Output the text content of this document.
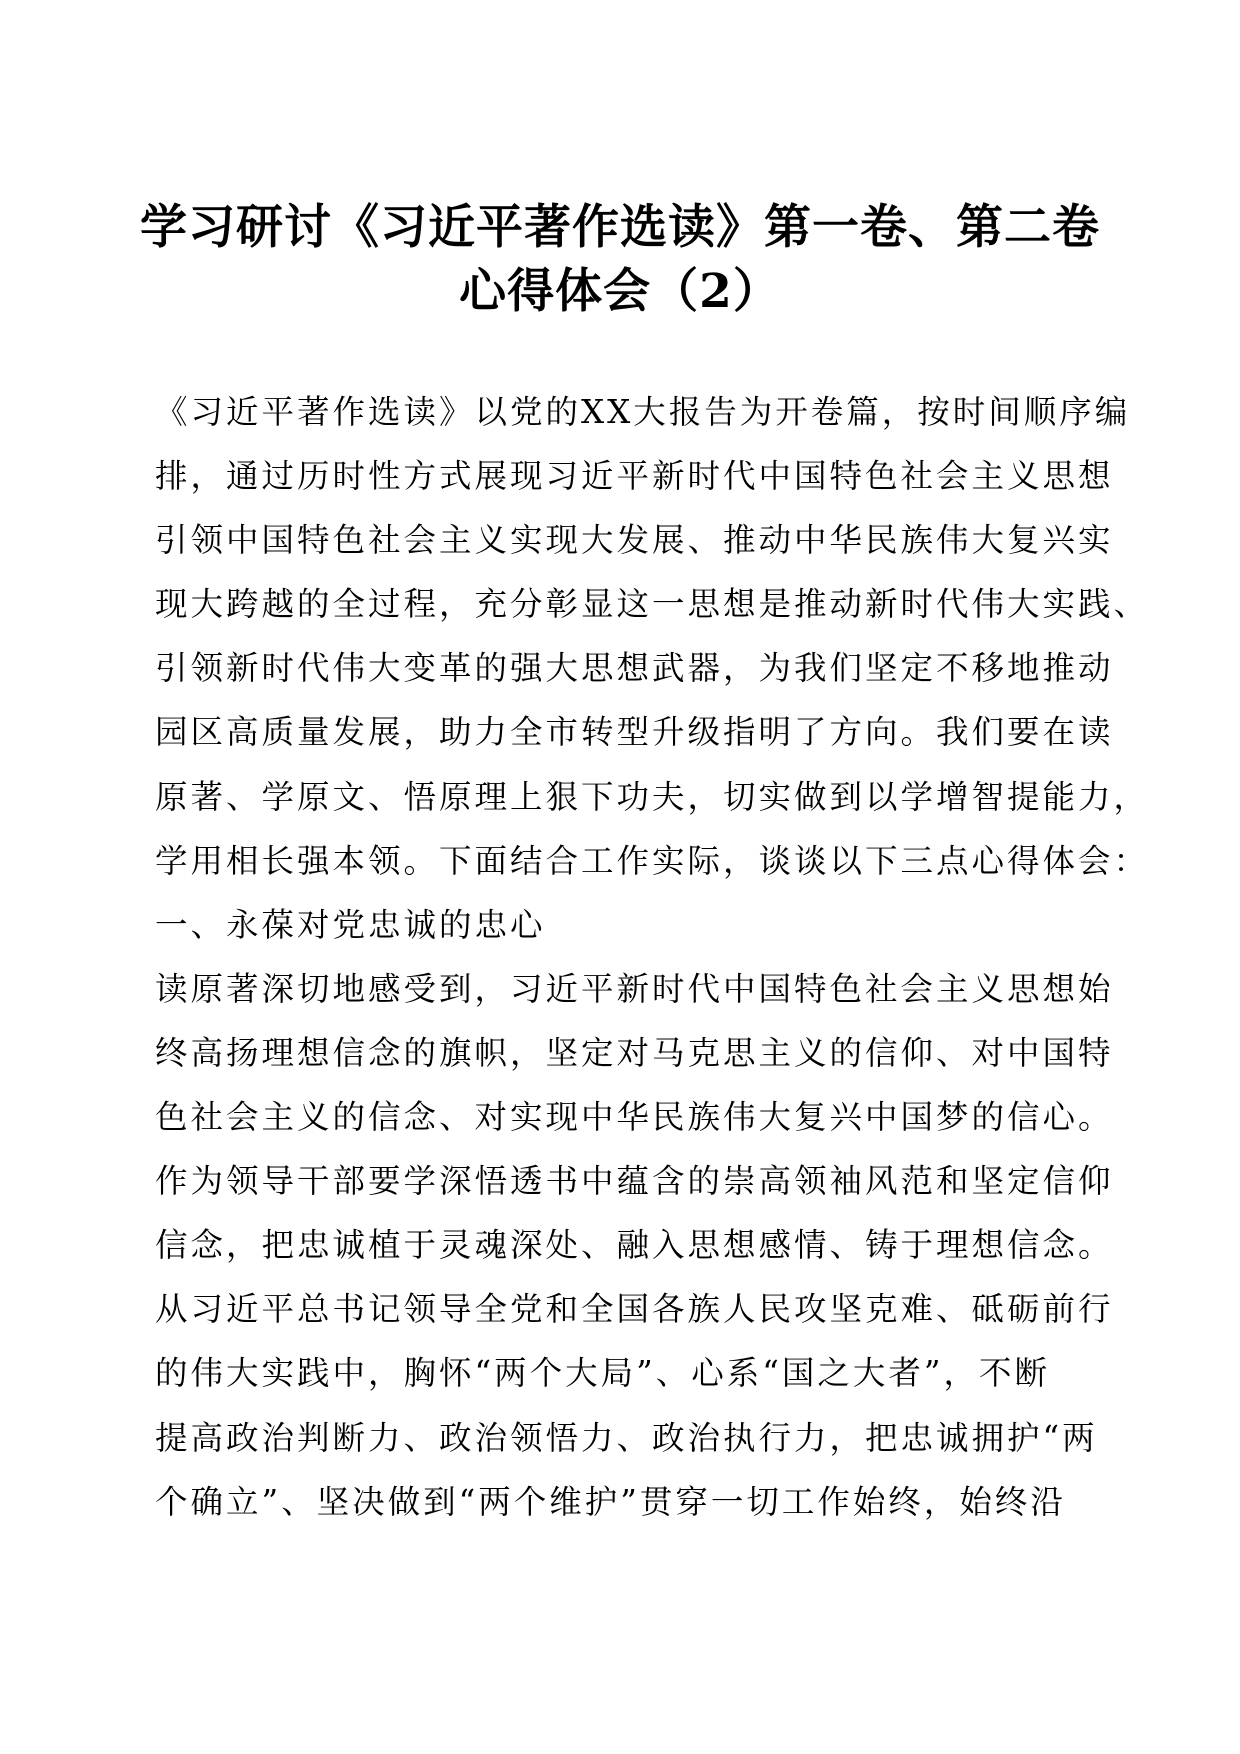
学习研讨《习近平著作选读》第一卷、第二卷
心得体会（2）
《习近平著作选读》以党的XX大报告为开卷篇，按时间顺序编
排，通过历时性方式展现习近平新时代中国特色社会主义思想
引领中国特色社会主义实现大发展、推动中华民族伟大复兴实
现大跨越的全过程，充分彰显这一思想是推动新时代伟大实践、
引领新时代伟大变革的强大思想武器，为我们坚定不移地推动
园区高质量发展，助力全市转型升级指明了方向。我们要在读
原著、学原文、悟原理上狠下功夫，切实做到以学增智提能力，
学用相长强本领。下面结合工作实际，谈谈以下三点心得体会：
一、永葆对党忠诚的忠心
读原著深切地感受到，习近平新时代中国特色社会主义思想始
终高扬理想信念的旗帜，坚定对马克思主义的信仰、对中国特
色社会主义的信念、对实现中华民族伟大复兴中国梦的信心。
作为领导干部要学深悟透书中蕴含的崇高领袖风范和坚定信仰
信念，把忠诚植于灵魂深处、融入思想感情、铸于理想信念。
从习近平总书记领导全党和全国各族人民攻坚克难、砥砺前行
的伟大实践中，胸怀“两个大局”、心系“国之大者”，不断
提高政治判断力、政治领悟力、政治执行力，把忠诚拥护“两
个确立”、坚决做到“两个维护”贯穿一切工作始终，始终沿
